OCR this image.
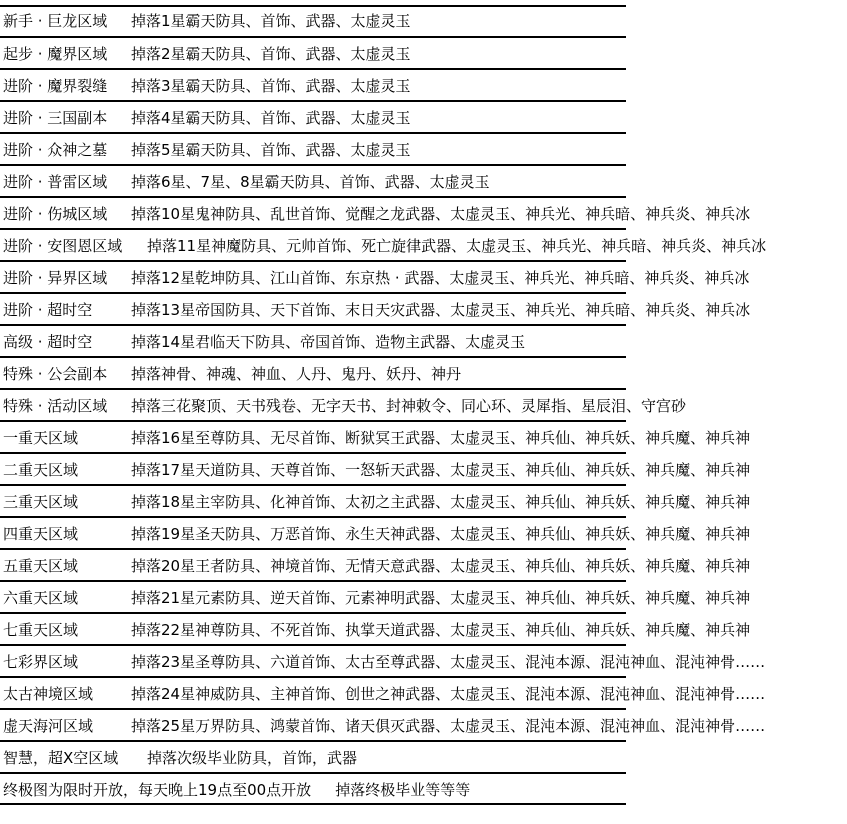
新手 · 巨龙区域 掉落1星霸天防具、首饰、武器、太虚灵玉
起步 · 魔界区域 掉落2星霸天防具、首饰、武器、太虚灵玉
进阶 · 魔界裂缝 掉落3星霸天防具、首饰、武器、太虚灵玉
进阶 · 三国副本 掉落4星霸天防具、首饰、武器、太虚灵玉
进阶 · 众神之墓 掉落5星霸天防具、首饰、武器、太虚灵玉
进阶 · 普雷区域 掉落6星、7星、8星霸天防具、首饰、武器、太虚灵玉
进阶 · 伤城区域 掉落10星鬼神防具、乱世首饰、觉醒之龙武器、太虚灵玉、神兵光、神兵暗、神兵炎、神兵冰
进阶 · 安图恩区域 掉落11星神魔防具、元帅首饰、死亡旋律武器、太虚灵玉、神兵光、神兵暗、神兵炎、神兵冰
进阶 · 异界区域 掉落12星乾坤防具、江山首饰、东京热 · 武器、太虚灵玉、神兵光、神兵暗、神兵炎、神兵冰
进阶 · 超时空	掉落13星帝国防具、天下首饰、末日天灾武器、太虚灵玉、神兵光、神兵暗、神兵炎、神兵冰
高级 · 超时空	掉落14星君临天下防具、帝国首饰、造物主武器、太虚灵玉
特殊 · 公会副本 掉落神骨、神魂、神血、人丹、鬼丹、妖丹、神丹
特殊 · 活动区域 掉落三花聚顶、天书残卷、无字天书、封神敕令、同心环、灵犀指、星辰泪、守宫砂
一重天区域	掉落16星至尊防具、无尽首饰、断狱冥王武器、太虚灵玉、神兵仙、神兵妖、神兵魔、神兵神
二重天区域	掉落17星天道防具、天尊首饰、一怒斩天武器、太虚灵玉、神兵仙、神兵妖、神兵魔、神兵神
三重天区域	掉落18星主宰防具、化神首饰、太初之主武器、太虚灵玉、神兵仙、神兵妖、神兵魔、神兵神
四重天区域	掉落19星圣天防具、万恶首饰、永生天神武器、太虚灵玉、神兵仙、神兵妖、神兵魔、神兵神
五重天区域	掉落20星王者防具、神境首饰、无情天意武器、太虚灵玉、神兵仙、神兵妖、神兵魔、神兵神
六重天区域	掉落21星元素防具、逆天首饰、元素神明武器、太虚灵玉、神兵仙、神兵妖、神兵魔、神兵神
七重天区域	掉落22星神尊防具、不死首饰、执掌天道武器、太虚灵玉、神兵仙、神兵妖、神兵魔、神兵神
七彩界区域	掉落23星圣尊防具、六道首饰、太古至尊武器、太虚灵玉、混沌本源、混沌神血、混沌神骨……
太古神境区域	掉落24星神威防具、主神首饰、创世之神武器、太虚灵玉、混沌本源、混沌神血、混沌神骨……
虚天海河区域	掉落25星万界防具、鸿蒙首饰、诸天俱灭武器、太虚灵玉、混沌本源、混沌神血、混沌神骨……
智慧，超X空区域 掉落次级毕业防具，首饰，武器
终极图为限时开放，每天晚上19点至00点开放 掉落终极毕业等等等
